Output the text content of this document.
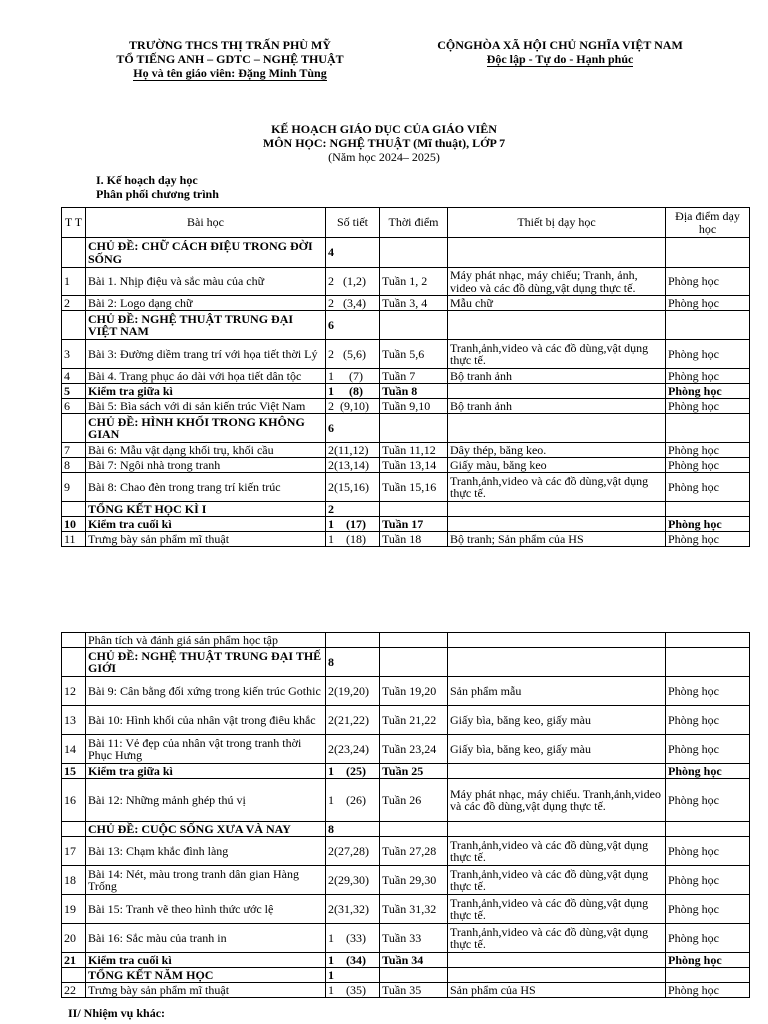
TRƯỜNG THCS THỊ TRẤN PHÙ MỸ
TỔ TIẾNG ANH – GDTC – NGHỆ THUẬT
Họ và tên giáo viên: Đặng Minh Tùng
CỘNGHÒA XÃ HỘI CHỦ NGHĨA VIỆT NAM
Độc lập - Tự do - Hạnh phúc
KẾ HOẠCH GIÁO DỤC CỦA GIÁO VIÊN
MÔN HỌC: NGHỆ THUẬT (Mĩ thuật), LỚP 7
(Năm học 2024– 2025)
I. Kế hoạch dạy học
Phân phối chương trình
T T	Bài học	Số tiết	Thời điểm	Thiết bị dạy học	Địa điểm dạy học
	CHỦ ĐỀ: CHỮ CÁCH ĐIỆU TRONG ĐỜI SỐNG	4			
1	Bài 1. Nhịp điệu và sắc màu của chữ	2   (1,2)	Tuần 1, 2	Máy phát nhạc, máy chiếu; Tranh, ảnh, video và các đồ dùng,vật dụng thực tế.	Phòng học
2	Bài 2: Logo dạng chữ	2   (3,4)	Tuần 3, 4	Mẫu chữ	Phòng học
	CHỦ ĐỀ: NGHỆ THUẬT TRUNG ĐẠI VIỆT NAM	6			
3	Bài 3: Đường diềm trang trí với họa tiết thời Lý	2   (5,6)	Tuần 5,6	Tranh,ảnh,video và các đồ dùng,vật dụng thực tế.	Phòng học
4	Bài 4. Trang phục áo dài với họa tiết dân tộc	1     (7)	Tuần 7	Bộ tranh ảnh	Phòng học
5	Kiểm tra giữa kì	1     (8)	Tuần 8		Phòng học
6	Bài 5: Bìa sách với di sản kiến trúc Việt Nam	2  (9,10)	Tuần 9,10	Bộ tranh ảnh	Phòng học
	CHỦ ĐỀ: HÌNH KHỐI TRONG KHÔNG GIAN	6			
7	Bài 6: Mẫu vật dạng khối trụ, khối cầu	2(11,12)	Tuần 11,12	Dây thép, băng keo.	Phòng học
8	Bài 7: Ngôi nhà trong tranh	2(13,14)	Tuần 13,14	Giấy màu, băng keo	Phòng học
9	Bài 8: Chao đèn trong trang trí kiến trúc	2(15,16)	Tuần 15,16	Tranh,ảnh,video và các đồ dùng,vật dụng thực tế.	Phòng học
	TỔNG KẾT HỌC KÌ I	2			
10	Kiểm tra cuối kì	1    (17)	Tuần 17		Phòng học
11	Trưng bày sản phẩm mĩ thuật	1    (18)	Tuần 18	Bộ tranh; Sản phẩm của HS	Phòng học
	Phân tích và đánh giá sản phẩm học tập				
	CHỦ ĐỀ: NGHỆ THUẬT TRUNG ĐẠI THẾ GIỚI	8			
12	Bài 9: Cân bằng đối xứng trong kiến trúc Gothic	2(19,20)	Tuần 19,20	Sản phẩm mẫu	Phòng học
13	Bài 10: Hình khối của nhân vật trong điêu khắc	2(21,22)	Tuần 21,22	Giấy bìa, băng keo, giấy màu	Phòng học
14	Bài 11: Vẻ đẹp của nhân vật trong tranh thời Phục Hưng	2(23,24)	Tuần 23,24	Giấy bìa, băng keo, giấy màu	Phòng học
15	Kiểm tra giữa kì	1    (25)	Tuần 25		Phòng học
16	Bài 12: Những mảnh ghép thú vị	1    (26)	Tuần 26	Máy phát nhạc, máy chiếu. Tranh,ảnh,video và các đồ dùng,vật dụng thực tế.	Phòng học
	CHỦ ĐỀ: CUỘC SỐNG XƯA VÀ NAY	8			
17	Bài 13: Chạm khắc đình làng	2(27,28)	Tuần 27,28	Tranh,ảnh,video và các đồ dùng,vật dụng thực tế.	Phòng học
18	Bài 14: Nét, màu trong tranh dân gian Hàng Trống	2(29,30)	Tuần 29,30	Tranh,ảnh,video và các đồ dùng,vật dụng thực tế.	Phòng học
19	Bài 15: Tranh vẽ theo hình thức ước lệ	2(31,32)	Tuần 31,32	Tranh,ảnh,video và các đồ dùng,vật dụng thực tế.	Phòng học
20	Bài 16: Sắc màu của tranh in	1    (33)	Tuần 33	Tranh,ảnh,video và các đồ dùng,vật dụng thực tế.	Phòng học
21	Kiểm tra cuối kì	1    (34)	Tuần 34		Phòng học
	TỔNG KẾT NĂM HỌC	1			
22	Trưng bày sản phẩm mĩ thuật	1    (35)	Tuần 35	Sản phẩm của HS	Phòng học
II/ Nhiệm vụ khác:
